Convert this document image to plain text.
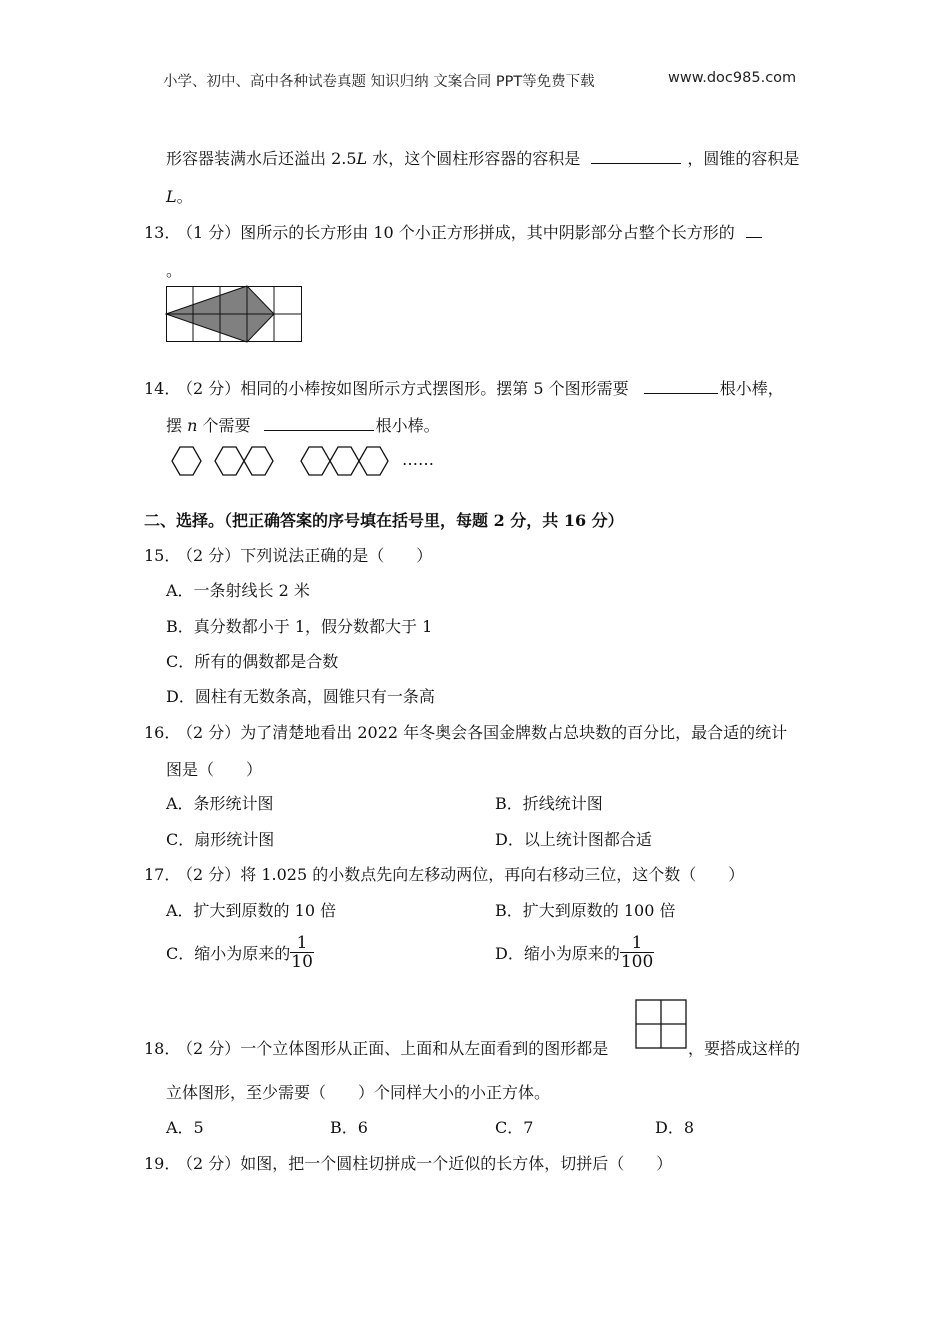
小学、初中、高中各种试卷真题 知识归纳 文案合同 PPT等免费下载	www.doc985.com
形容器装满水后还溢出 2.5L 水，这个圆柱形容器的容积是	，圆锥的容积是
L。
13．
（1 分）图所示的长方形由 10 个小正方形拼成，其中阴影部分占整个长方形的
。
14．
（2 分）相同的小棒按如图所示方式摆图形。摆第 5 个图形需要	根小棒，
摆 n 个需要	根小棒。
……
二、选择。（把正确答案的序号填在括号里，每题 2 分，共 16 分）
15．
（2 分）下列说法正确的是（　　）
A．一条射线长 2 米
B．真分数都小于 1，假分数都大于 1
C．所有的偶数都是合数
D．圆柱有无数条高，圆锥只有一条高
16．
（2 分）为了清楚地看出 2022 年冬奥会各国金牌数占总块数的百分比，最合适的统计
图是（　　）
A．条形统计图	B．折线统计图
C．扇形统计图	D．以上统计图都合适
17．
（2 分）将 1.025 的小数点先向左移动两位，再向右移动三位，这个数（　　）
A．扩大到原数的 10 倍	B．扩大到原数的 100 倍
C．缩小为原来的 $\frac{1}{10}$	D．缩小为原来的 $\frac{1}{100}$
18．
（2 分）一个立体图形从正面、上面和从左面看到的图形都是	，要搭成这样的
立体图形，至少需要（　　）个同样大小的小正方体。
A．5	B．6	C．7	D．8
19．
（2 分）如图，把一个圆柱切拼成一个近似的长方体，切拼后（　　）
